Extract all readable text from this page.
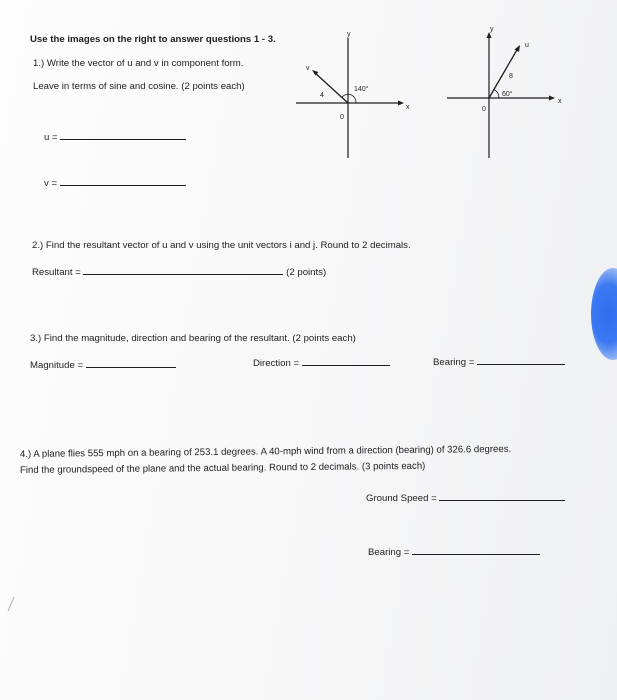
Use the images on the right to answer questions 1 - 3.
1.) Write the vector of u and v in component form.
Leave in terms of sine and cosine. (2 points each)
u =
v =
y
x
v
4
140°
0
y
x
u
8
60°
0
2.) Find the resultant vector of u and v using the unit vectors i and j. Round to 2 decimals.
Resultant =	(2 points)
3.) Find the magnitude, direction and bearing of the resultant. (2 points each)
Magnitude =	Direction =	Bearing =
4.) A plane flies 555 mph on a bearing of 253.1 degrees. A 40-mph wind from a direction (bearing) of 326.6 degrees.
Find the groundspeed of the plane and the actual bearing. Round to 2 decimals. (3 points each)
Ground Speed =
Bearing =
